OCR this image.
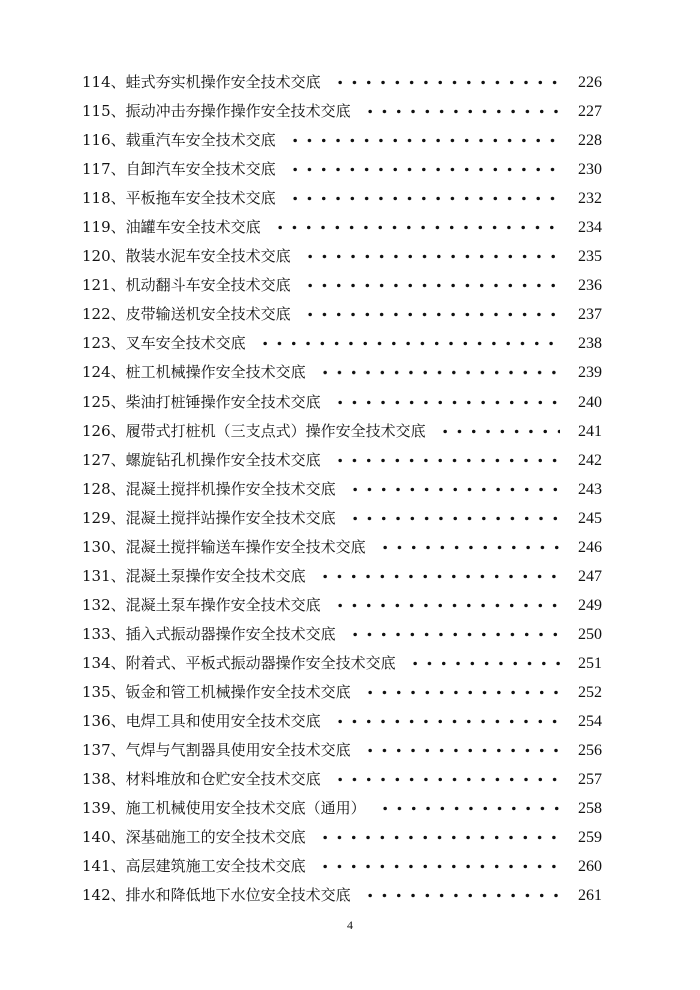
114、 蛙式夯实机操作安全技术交底	226
115、 振动冲击夯操作操作安全技术交底	227
116、 载重汽车安全技术交底	228
117、 自卸汽车安全技术交底	230
118、 平板拖车安全技术交底	232
119、 油罐车安全技术交底	234
120、 散装水泥车安全技术交底	235
121、 机动翻斗车安全技术交底	236
122、 皮带输送机安全技术交底	237
123、 叉车安全技术交底	238
124、 桩工机械操作安全技术交底	239
125、 柴油打桩锤操作安全技术交底	240
126、 履带式打桩机（三支点式）操作安全技术交底	241
127、 螺旋钻孔机操作安全技术交底	242
128、 混凝土搅拌机操作安全技术交底	243
129、 混凝土搅拌站操作安全技术交底	245
130、 混凝土搅拌输送车操作安全技术交底	246
131、 混凝土泵操作安全技术交底	247
132、 混凝土泵车操作安全技术交底	249
133、 插入式振动器操作安全技术交底	250
134、 附着式、平板式振动器操作安全技术交底	251
135、 钣金和管工机械操作安全技术交底	252
136、 电焊工具和使用安全技术交底	254
137、 气焊与气割器具使用安全技术交底	256
138、 材料堆放和仓贮安全技术交底	257
139、 施工机械使用安全技术交底（通用）	258
140、 深基础施工的安全技术交底	259
141、 高层建筑施工安全技术交底	260
142、 排水和降低地下水位安全技术交底	261
4
